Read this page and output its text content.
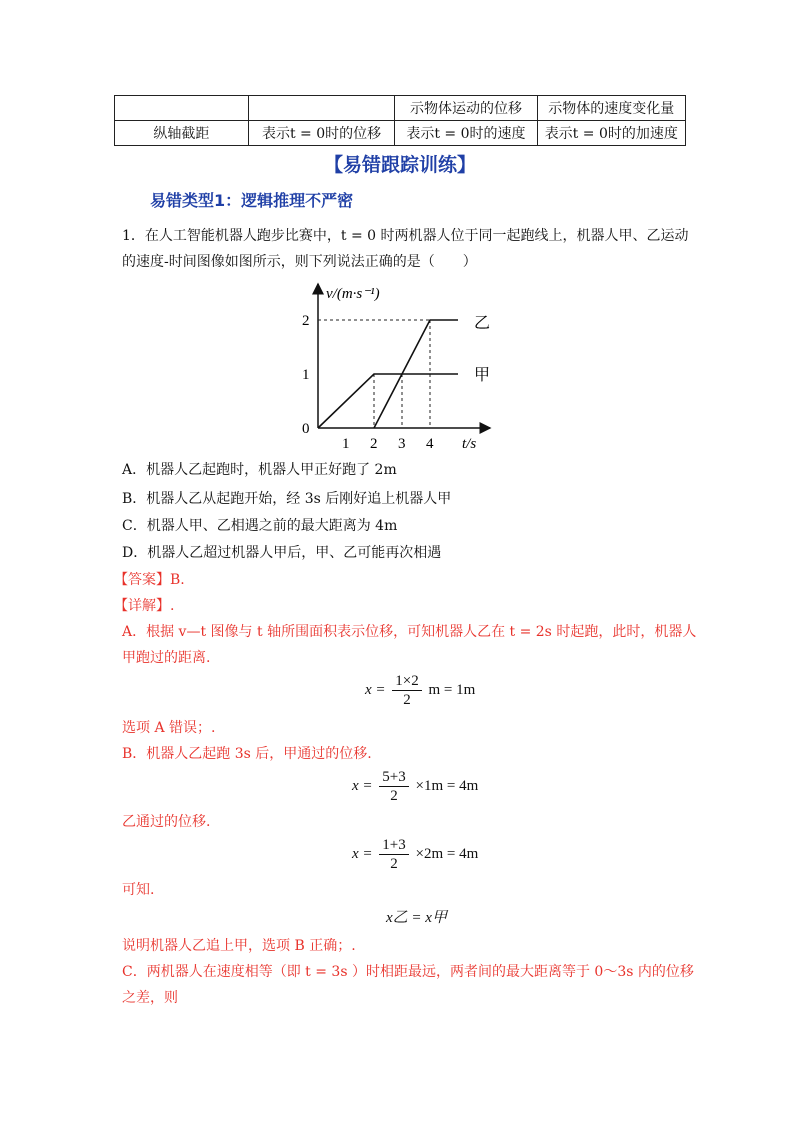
		示物体运动的位移	示物体的速度变化量
纵轴截距	表示t = 0时的位移	表示t = 0时的速度	表示t = 0时的加速度
【易错跟踪训练】
易错类型1：逻辑推理不严密
1．在人工智能机器人跑步比赛中，t = 0 时两机器人位于同一起跑线上，机器人甲、乙运动
的速度-时间图像如图所示，则下列说法正确的是（　　）
1 2 3 4
0
1
2
v/(m·s⁻¹)
t/s
乙
甲
A．机器人乙起跑时，机器人甲正好跑了 2m
B．机器人乙从起跑开始，经 3s 后刚好追上机器人甲
C．机器人甲、乙相遇之前的最大距离为 4m
D．机器人乙超过机器人甲后，甲、乙可能再次相遇
【答案】B.
【详解】.
A．根据 v—t 图像与 t 轴所围面积表示位移，可知机器人乙在 t = 2s 时起跑，此时，机器人
甲跑过的距离.
$x = \frac{1\times 2}{2}$ m = 1m
选项 A 错误；.
B．机器人乙起跑 3s 后，甲通过的位移.
$x = \frac{5+3}{2} \times 1m = 4m$
乙通过的位移.
$x = \frac{1+3}{2} \times 2m = 4m$
可知.
x乙 = x甲
说明机器人乙追上甲，选项 B 正确；.
C．两机器人在速度相等（即 t = 3s ）时相距最远，两者间的最大距离等于 0～3s 内的位移
之差，则
